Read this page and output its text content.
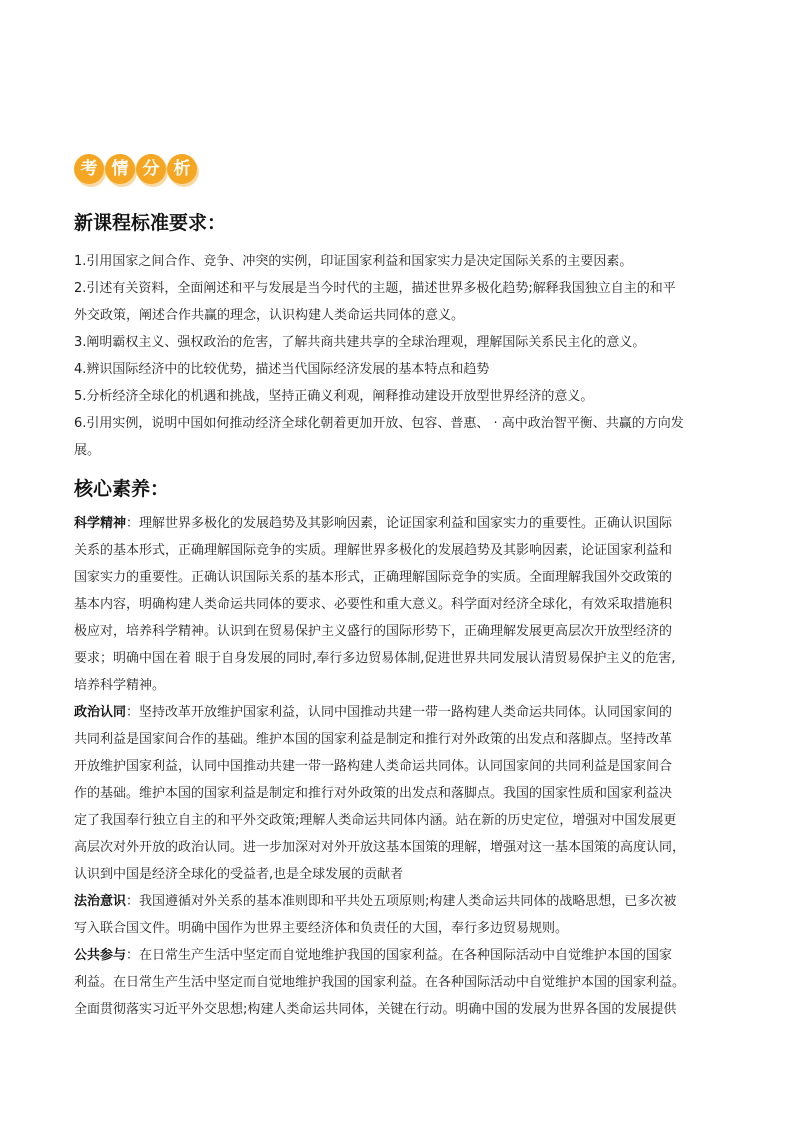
考 情 分 析
新课程标准要求：
1.引用国家之间合作、竞争、冲突的实例，印证国家利益和国家实力是决定国际关系的主要因素。
2.引述有关资料，全面阐述和平与发展是当今时代的主题，描述世界多极化趋势;解释我国独立自主的和平
外交政策，阐述合作共赢的理念，认识构建人类命运共同体的意义。
3.阐明霸权主义、强权政治的危害，了解共商共建共享的全球治理观，理解国际关系民主化的意义。
4.辨识国际经济中的比较优势，描述当代国际经济发展的基本特点和趋势
5.分析经济全球化的机遇和挑战，坚持正确义利观，阐释推动建设开放型世界经济的意义。
6.引用实例，说明中国如何推动经济全球化朝着更加开放、包容、普惠、 · 高中政治智平衡、共赢的方向发
展。
核心素养：
科学精神：理解世界多极化的发展趋势及其影响因素，论证国家利益和国家实力的重要性。正确认识国际
关系的基本形式，正确理解国际竞争的实质。理解世界多极化的发展趋势及其影响因素，论证国家利益和
国家实力的重要性。正确认识国际关系的基本形式，正确理解国际竞争的实质。全面理解我国外交政策的
基本内容，明确构建人类命运共同体的要求、必要性和重大意义。科学面对经济全球化，有效采取措施积
极应对，培养科学精神。认识到在贸易保护主义盛行的国际形势下，正确理解发展更高层次开放型经济的
要求；明确中国在着 眼于自身发展的同时,奉行多边贸易体制,促进世界共同发展认清贸易保护主义的危害,
培养科学精神。
政治认同：坚持改革开放维护国家利益，认同中国推动共建一带一路构建人类命运共同体。认同国家间的
共同利益是国家间合作的基础。维护本国的国家利益是制定和推行对外政策的出发点和落脚点。坚持改革
开放维护国家利益，认同中国推动共建一带一路构建人类命运共同体。认同国家间的共同利益是国家间合
作的基础。维护本国的国家利益是制定和推行对外政策的出发点和落脚点。我国的国家性质和国家利益决
定了我国奉行独立自主的和平外交政策;理解人类命运共同体内涵。站在新的历史定位，增强对中国发展更
高层次对外开放的政治认同。进一步加深对对外开放这基本国策的理解，增强对这一基本国策的高度认同，
认识到中国是经济全球化的受益者,也是全球发展的贡献者
法治意识：我国遵循对外关系的基本准则即和平共处五项原则;构建人类命运共同体的战略思想，已多次被
写入联合国文件。明确中国作为世界主要经济体和负责任的大国，奉行多边贸易规则。
公共参与：在日常生产生活中坚定而自觉地维护我国的国家利益。在各种国际活动中自觉维护本国的国家
利益。在日常生产生活中坚定而自觉地维护我国的国家利益。在各种国际活动中自觉维护本国的国家利益。
全面贯彻落实习近平外交思想;构建人类命运共同体，关键在行动。明确中国的发展为世界各国的发展提供
